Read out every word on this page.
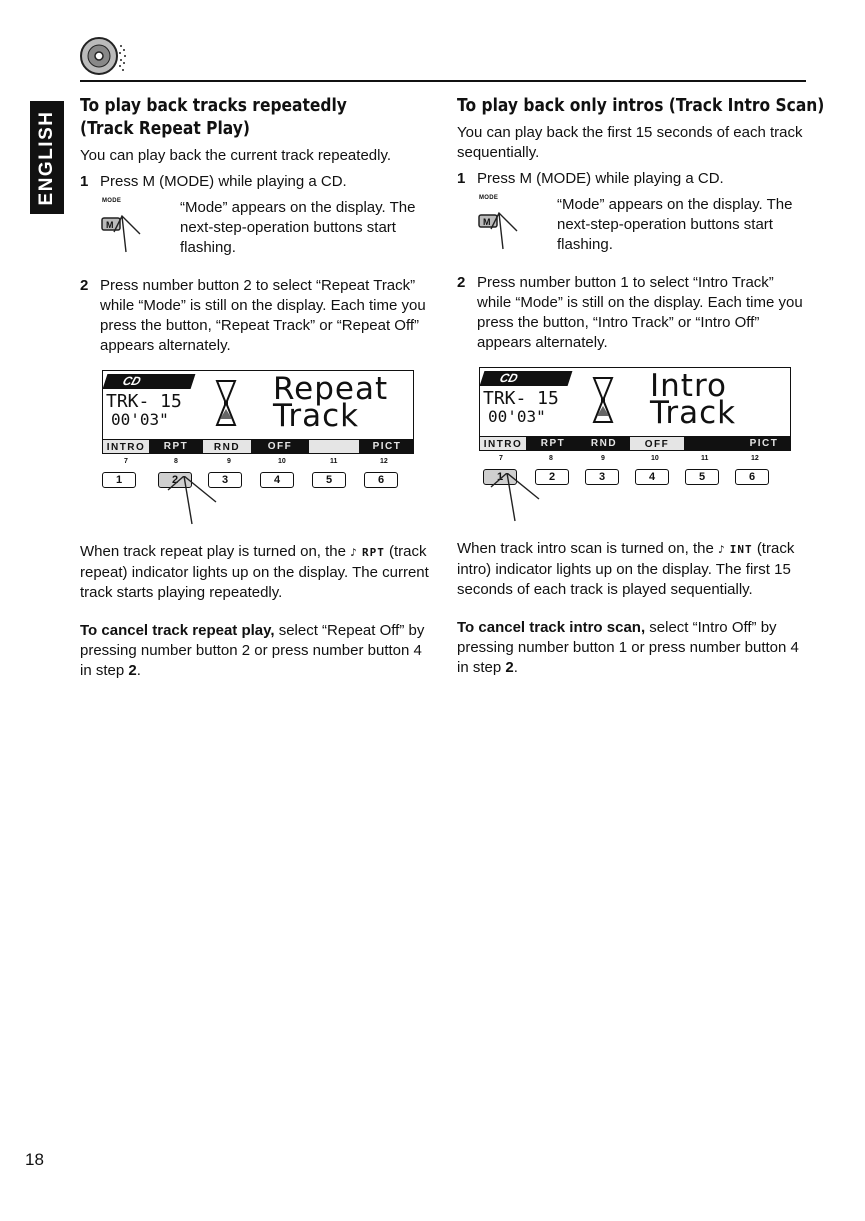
ENGLISH
To play back tracks repeatedly
(Track Repeat Play)

You can play back the current track repeatedly.

1 Press M (MODE) while playing a CD.
MODE
M
“Mode” appears on the display. The next-step-operation buttons start flashing.
2 Press number button 2 to select “Repeat Track” while “Mode” is still on the display. Each time you press the button, “Repeat Track” or “Repeat Off” appears alternately.
CD
TRK- 15
00'03"
Repeat
Track
INTRO	RPT	RND	OFF	PICT
7	8	9	10	11	12
1	2	3	4	5	6

When track repeat play is turned on, the ♪ RPT (track repeat) indicator lights up on the display. The current track starts playing repeatedly.

To cancel track repeat play, select “Repeat Off” by pressing number button 2 or press number button 4 in step 2.

To play back only intros (Track Intro Scan)

You can play back the first 15 seconds of each track sequentially.

1 Press M (MODE) while playing a CD.
MODE
M
“Mode” appears on the display. The next-step-operation buttons start flashing.
2 Press number button 1 to select “Intro Track” while “Mode” is still on the display. Each time you press the button, “Intro Track” or “Intro Off” appears alternately.
CD
TRK- 15
00'03"
Intro
Track
INTRO	RPT	RND	OFF	PICT
7	8	9	10	11	12
1	2	3	4	5	6

When track intro scan is turned on, the ♪ INT (track intro) indicator lights up on the display. The first 15 seconds of each track is played sequentially.

To cancel track intro scan, select “Intro Off” by pressing number button 1 or press number button 4 in step 2.

18
